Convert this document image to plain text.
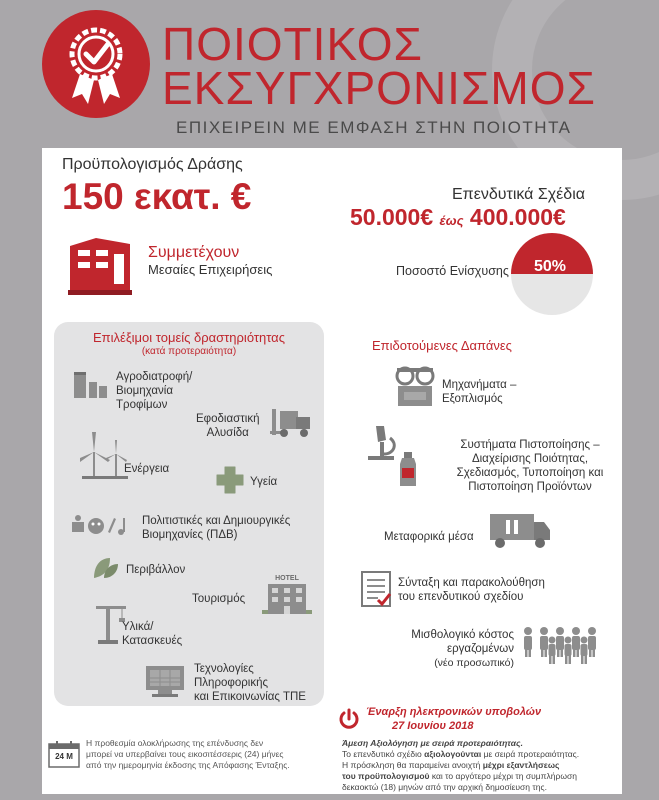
ΠΟΙΟΤΙΚΟΣ
ΕΚΣΥΓΧΡΟΝΙΣΜΟΣ
ΕΠΙΧΕΙΡΕΙΝ ΜΕ ΕΜΦΑΣΗ ΣΤΗΝ ΠΟΙΟΤΗΤΑ
Προϋπολογισμός Δράσης
150 εκατ. €	Επενδυτικά Σχέδια
50.000€ έως 400.000€
Συμμετέχουν
Μεσαίες Επιχειρήσεις	Ποσοστό Ενίσχυσης 50%
Επιλέξιμοι τομείς δραστηριότητας
(κατά προτεραιότητα)
Αγροδιατροφή/
Βιομηχανία
Τροφίμων
Εφοδιαστική
Αλυσίδα
Ενέργεια
Υγεία
Πολιτιστικές και Δημιουργικές
Βιομηχανίες (ΠΔΒ)
Περιβάλλον
Τουρισμός
HOTEL
Υλικά/
Κατασκευές
Τεχνολογίες
Πληροφορικής
και Επικοινωνίας ΤΠΕ
Επιδοτούμενες Δαπάνες
Μηχανήματα –
Εξοπλισμός
Συστήματα Πιστοποίησης –
Διαχείρισης Ποιότητας,
Σχεδιασμός, Τυποποίηση και
Πιστοποίηση Προϊόντων
Μεταφορικά μέσα
Σύνταξη και παρακολούθηση
του επενδυτικού σχεδίου
Μισθολογικό κόστος
εργαζομένων
(νέο προσωπικό)
24 M
Η προθεσμία ολοκλήρωσης της επένδυσης δεν
μπορεί να υπερβαίνει τους εικοσιτέσσερις (24) μήνες
από την ημερομηνία έκδοσης της Απόφασης Ένταξης.
Έναρξη ηλεκτρονικών υποβολών
27 Ιουνίου 2018
Άμεση Αξιολόγηση με σειρά προτεραιότητας.
Το επενδυτικό σχέδιο αξιολογούνται με σειρά προτεραιότητας.
Η πρόσκληση θα παραμείνει ανοιχτή μέχρι εξαντλήσεως
του προϋπολογισμού και το αργότερο μέχρι τη συμπλήρωση
δεκαοκτώ (18) μηνών από την αρχική δημοσίευση της.
